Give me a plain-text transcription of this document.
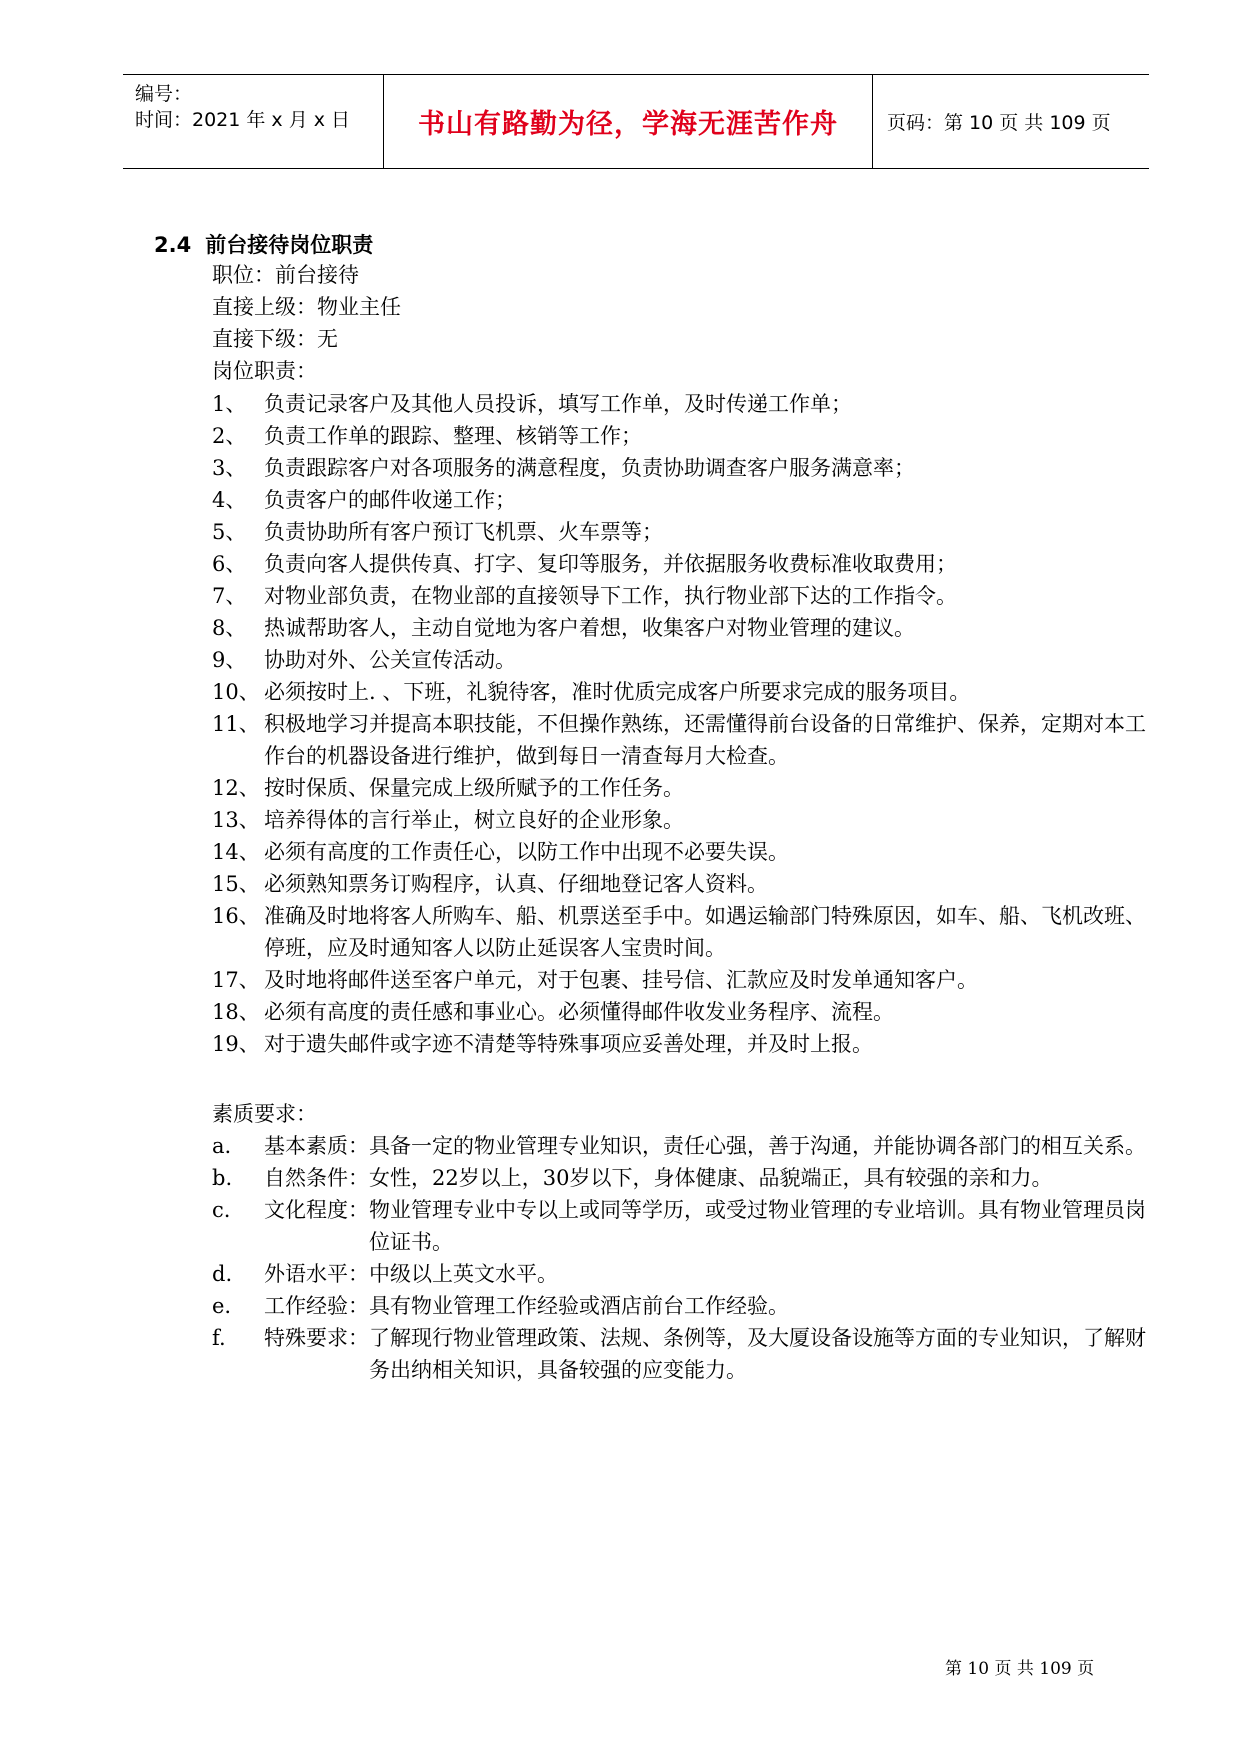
编号：
时间：2021 年 x 月 x 日	书山有路勤为径，学海无涯苦作舟	页码：第 10 页 共 109 页
2.4 前台接待岗位职责
职位：前台接待
直接上级：物业主任
直接下级：无
岗位职责：
1、 负责记录客户及其他人员投诉，填写工作单，及时传递工作单；
2、 负责工作单的跟踪、整理、核销等工作；
3、 负责跟踪客户对各项服务的满意程度，负责协助调查客户服务满意率；
4、 负责客户的邮件收递工作；
5、 负责协助所有客户预订飞机票、火车票等；
6、 负责向客人提供传真、打字、复印等服务，并依据服务收费标准收取费用；
7、 对物业部负责，在物业部的直接领导下工作，执行物业部下达的工作指令。
8、 热诚帮助客人，主动自觉地为客户着想，收集客户对物业管理的建议。
9、 协助对外、公关宣传活动。
10、 必须按时上. 、下班，礼貌待客，准时优质完成客户所要求完成的服务项目。
11、 积极地学习并提高本职技能，不但操作熟练，还需懂得前台设备的日常维护、保养，定期对本工作台的机器设备进行维护，做到每日一清查每月大检查。
12、 按时保质、保量完成上级所赋予的工作任务。
13、 培养得体的言行举止，树立良好的企业形象。
14、 必须有高度的工作责任心，以防工作中出现不必要失误。
15、 必须熟知票务订购程序，认真、仔细地登记客人资料。
16、 准确及时地将客人所购车、船、机票送至手中。如遇运输部门特殊原因，如车、船、飞机改班、停班，应及时通知客人以防止延误客人宝贵时间。
17、 及时地将邮件送至客户单元，对于包裹、挂号信、汇款应及时发单通知客户。
18、 必须有高度的责任感和事业心。必须懂得邮件收发业务程序、流程。
19、 对于遗失邮件或字迹不清楚等特殊事项应妥善处理，并及时上报。
素质要求：
a.	基本素质： 具备一定的物业管理专业知识，责任心强，善于沟通，并能协调各部门的相互关系。
b.	自然条件： 女性，22岁以上，30岁以下，身体健康、品貌端正，具有较强的亲和力。
c.	文化程度： 物业管理专业中专以上或同等学历，或受过物业管理的专业培训。具有物业管理员岗位证书。
d.	外语水平： 中级以上英文水平。
e.	工作经验： 具有物业管理工作经验或酒店前台工作经验。
f.	特殊要求： 了解现行物业管理政策、法规、条例等，及大厦设备设施等方面的专业知识，了解财务出纳相关知识，具备较强的应变能力。
第 10 页 共 109 页
